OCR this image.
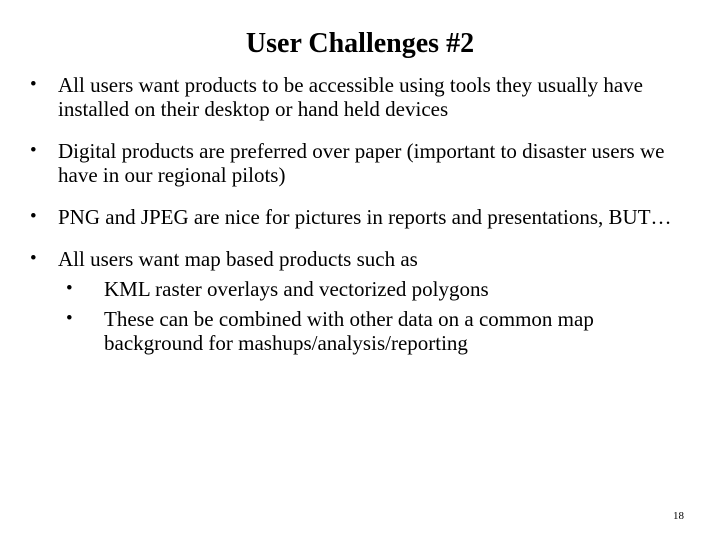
User Challenges #2
•	All users want products to be accessible using tools they usually have installed on their desktop or hand held devices
•	Digital products are preferred over paper (important to disaster users we have in our regional pilots)
•	PNG and JPEG are nice for pictures in reports and presentations, BUT…
•	All users want map based products such as
•	KML raster overlays and vectorized polygons
•	These can be combined with other data on a common map background for mashups/analysis/reporting
18
